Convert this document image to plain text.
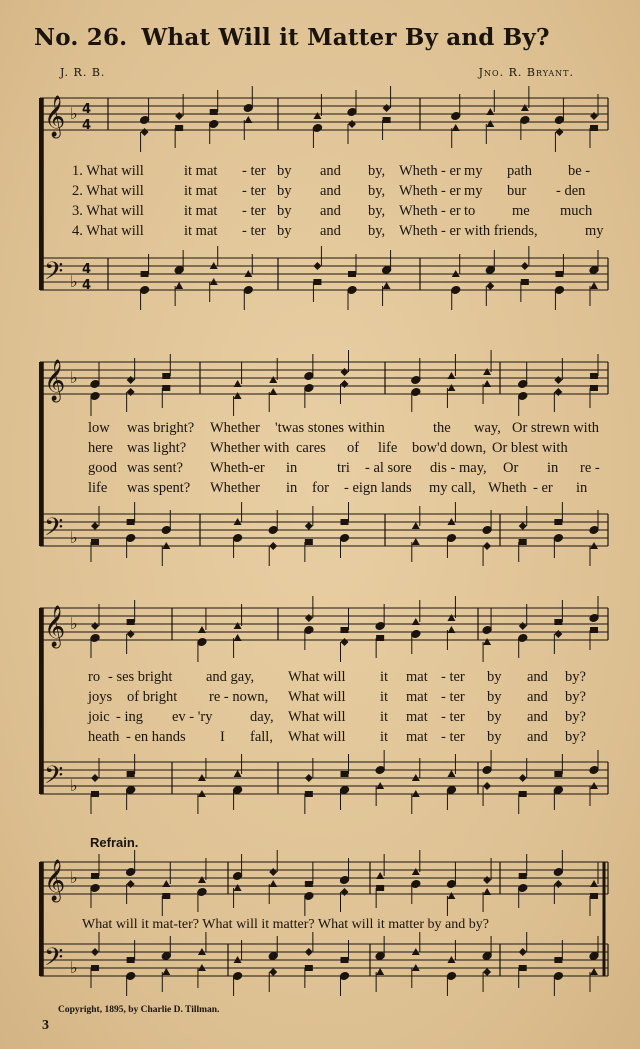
No. 26. What Will it Matter By and By?
J. R. B.	Jno. R. Bryant.
𝄞
𝄢
♭
♭
4
4
4
4
𝄞
𝄢
♭
♭
𝄞
𝄢
♭
♭
𝄞
𝄢
♭
♭
1. What will	it mat - ter by and by, Wheth - er my path be -
2. What will	it mat - ter by and by, Wheth - er my bur - den
3. What will	it mat - ter by and by, Wheth - er to	me much
4. What will	it mat - ter by and by, Wheth - er with friends,	my
low was bright? Whether 'twas stones within	the way, Or strewn with
here was light? Whether with cares of life bow'd down, Or blest with
good was sent? Wheth-er in	tri - al sore dis - may, Or in re -
life was spent? Whether in for - eign lands my call, Wheth - er in
ro - ses bright and gay, What will it mat - ter by and by?
joys of bright re - nown, What will it mat - ter by and by?
joic - ing ev - 'ry	day, What will it mat - ter by and by?
heath - en hands I fall, What will it mat - ter by and by?
Refrain.
What will it mat-ter? What will it matter? What will it matter by and by?
Copyright, 1895, by Charlie D. Tillman.
3
